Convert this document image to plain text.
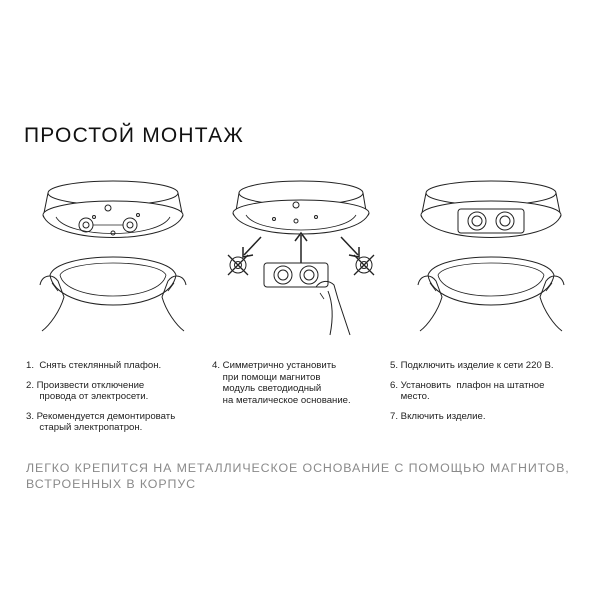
ПРОСТОЙ МОНТАЖ
1.  Снять стеклянный плафон.
2. Произвести отключение
провода от электросети.
3. Рекомендуется демонтировать
старый электропатрон.
4. Симметрично установить
при помощи магнитов
модуль светодиодный
на металическое основание.
5. Подключить изделие к сети 220 В.
6. Установить  плафон на штатное
место.
7. Включить изделие.

ЛЕГКО КРЕПИТСЯ НА МЕТАЛЛИЧЕСКОЕ ОСНОВАНИЕ С ПОМОЩЬЮ МАГНИТОВ, ВСТРОЕННЫХ В КОРПУС
